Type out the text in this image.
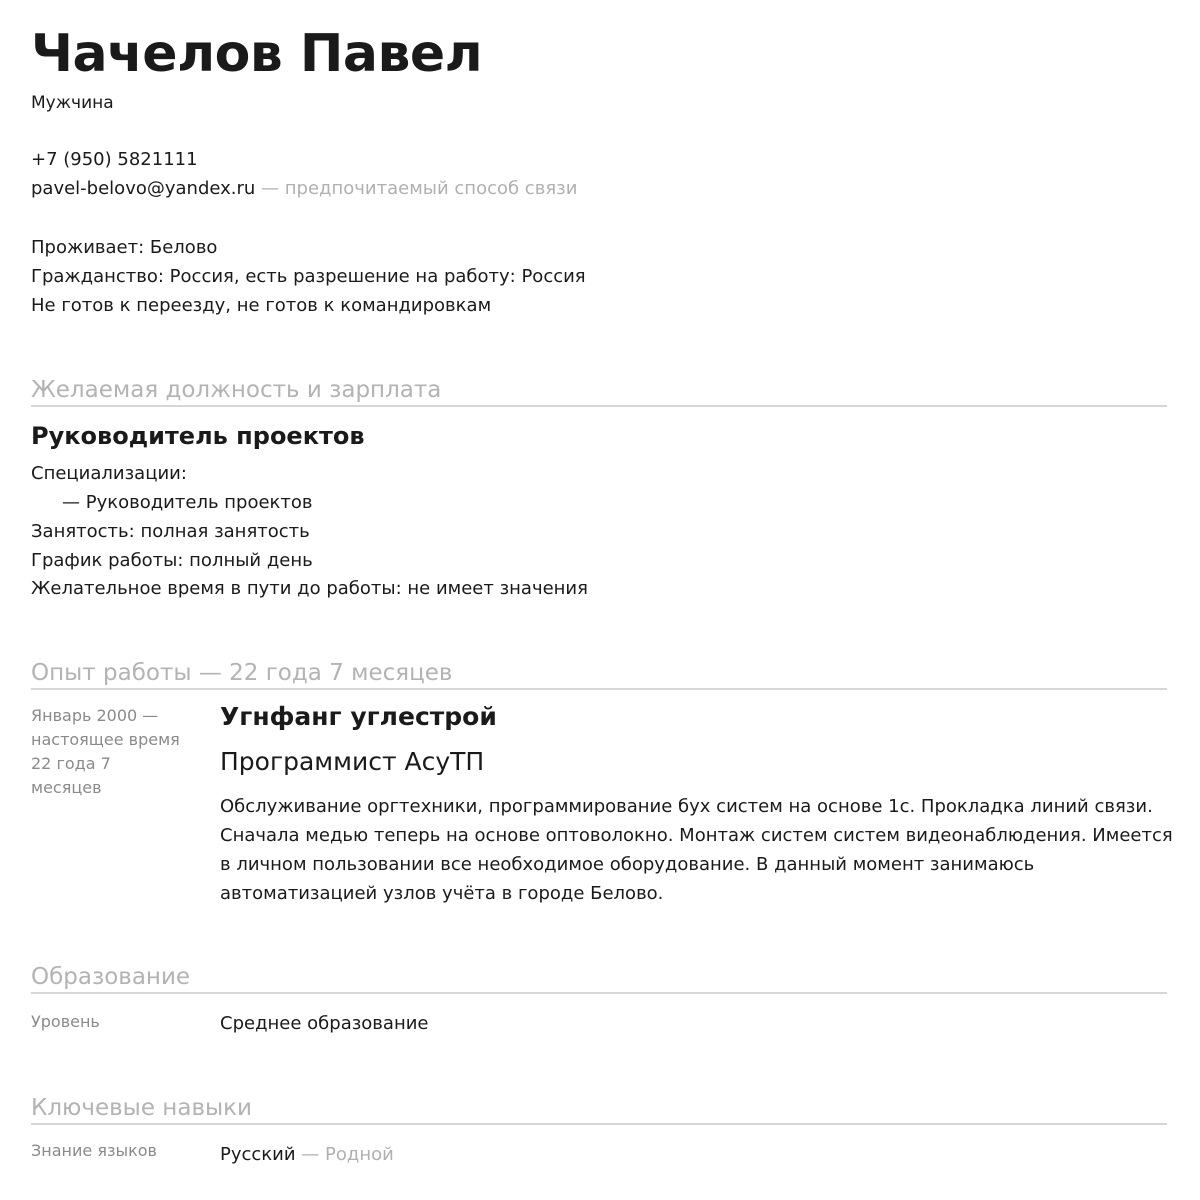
Чачелов Павел
Мужчина
+7 (950) 5821111
pavel-belovo@yandex.ru — предпочитаемый способ связи
Проживает: Белово
Гражданство: Россия, есть разрешение на работу: Россия
Не готов к переезду, не готов к командировкам
Желаемая должность и зарплата
Руководитель проектов
Специализации:
— Руководитель проектов
Занятость: полная занятость
График работы: полный день
Желательное время в пути до работы: не имеет значения
Опыт работы — 22 года 7 месяцев
Январь 2000 —
настоящее время
22 года 7
месяцев
Угнфанг углестрой
Программист АсуТП
Обслуживание оргтехники, программирование бух систем на основе 1с. Прокладка линий связи. Сначала медью теперь на основе оптоволокно. Монтаж систем систем видеонаблюдения. Имеется в личном пользовании все необходимое оборудование. В данный момент занимаюсь автоматизацией узлов учёта в городе Белово.
Образование
Уровень	Среднее образование
Ключевые навыки
Знание языков	Русский — Родной
